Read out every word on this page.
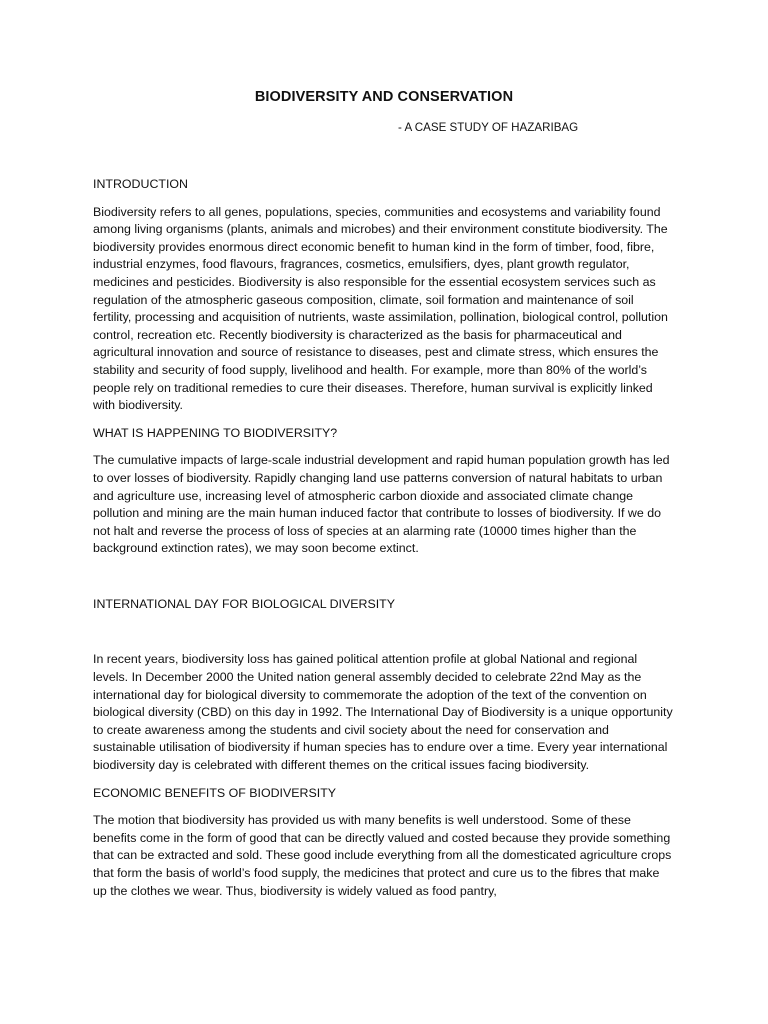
BIODIVERSITY AND CONSERVATION

- A CASE STUDY OF HAZARIBAG

INTRODUCTION

Biodiversity refers to all genes, populations, species, communities and ecosystems and variability found among living organisms (plants, animals and microbes) and their environment constitute biodiversity. The biodiversity provides enormous direct economic benefit to human kind in the form of timber, food, fibre, industrial enzymes, food flavours, fragrances, cosmetics, emulsifiers, dyes, plant growth regulator, medicines and pesticides. Biodiversity is also responsible for the essential ecosystem services such as regulation of the atmospheric gaseous composition, climate, soil formation and maintenance of soil fertility, processing and acquisition of nutrients, waste assimilation, pollination, biological control, pollution control, recreation etc. Recently biodiversity is characterized as the basis for pharmaceutical and agricultural innovation and source of resistance to diseases, pest and climate stress, which ensures the stability and security of food supply, livelihood and health. For example, more than 80% of the world’s people rely on traditional remedies to cure their diseases. Therefore, human survival is explicitly linked with biodiversity.

WHAT IS HAPPENING TO BIODIVERSITY?

The cumulative impacts of large-scale industrial development and rapid human population growth has led to over losses of biodiversity. Rapidly changing land use patterns conversion of natural habitats to urban and agriculture use, increasing level of atmospheric carbon dioxide and associated climate change pollution and mining are the main human induced factor that contribute to losses of biodiversity. If we do not halt and reverse the process of loss of species at an alarming rate (10000 times higher than the background extinction rates), we may soon become extinct.

INTERNATIONAL DAY FOR BIOLOGICAL DIVERSITY

In recent years, biodiversity loss has gained political attention profile at global National and regional levels. In December 2000 the United nation general assembly decided to celebrate 22nd May as the international day for biological diversity to commemorate the adoption of the text of the convention on biological diversity (CBD) on this day in 1992. The International Day of Biodiversity is a unique opportunity to create awareness among the students and civil society about the need for conservation and sustainable utilisation of biodiversity if human species has to endure over a time. Every year international biodiversity day is celebrated with different themes on the critical issues facing biodiversity.

ECONOMIC BENEFITS OF BIODIVERSITY

The motion that biodiversity has provided us with many benefits is well understood. Some of these benefits come in the form of good that can be directly valued and costed because they provide something that can be extracted and sold. These good include everything from all the domesticated agriculture crops that form the basis of world’s food supply, the medicines that protect and cure us to the fibres that make up the clothes we wear. Thus, biodiversity is widely valued as food pantry,
